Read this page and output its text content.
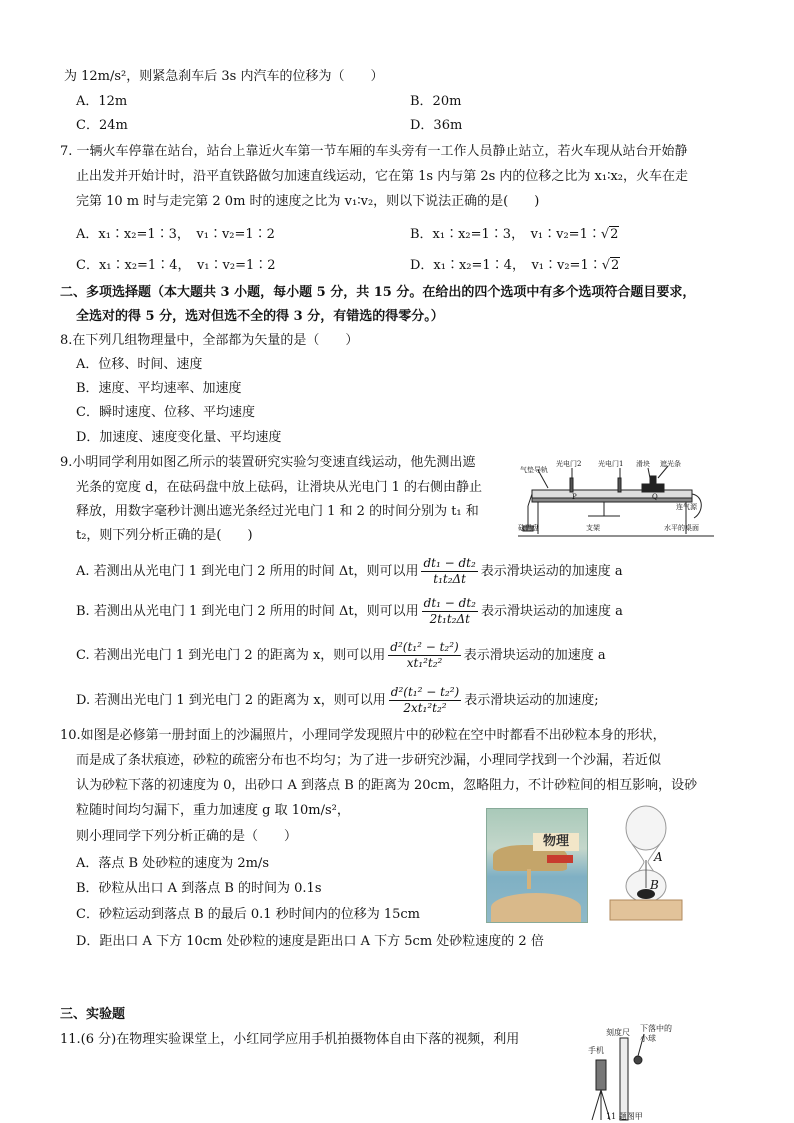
为 12m/s²，则紧急刹车后 3s 内汽车的位移为（　　）
A．12m	B．20m
C．24m	D．36m
7. 一辆火车停靠在站台，站台上靠近火车第一节车厢的车头旁有一工作人员静止站立，若火车现从站台开始静
止出发并开始计时，沿平直铁路做匀加速直线运动，它在第 1s 内与第 2s 内的位移之比为 x₁∶x₂，火车在走
完第 10 m 时与走完第 2 0m 时的速度之比为 v₁∶v₂，则以下说法正确的是(　　)
A．x₁∶x₂=1∶3，　v₁∶v₂=1∶2	B．x₁∶x₂=1∶3，　v₁∶v₂=1∶√2
C．x₁∶x₂=1∶4，　v₁∶v₂=1∶2	D．x₁∶x₂=1∶4，　v₁∶v₂=1∶√2
二、多项选择题（本大题共 3 小题，每小题 5 分，共 15 分。在给出的四个选项中有多个选项符合题目要求，
全选对的得 5 分，选对但选不全的得 3 分，有错选的得零分。）
8.在下列几组物理量中，全部都为矢量的是（　　）
A．位移、时间、速度
B．速度、平均速率、加速度
C．瞬时速度、位移、平均速度
D．加速度、速度变化量、平均速度
9.小明同学利用如图乙所示的装置研究实验匀变速直线运动，他先测出遮
光条的宽度 d，在砝码盘中放上砝码，让滑块从光电门 1 的右侧由静止
释放，用数字毫秒计测出遮光条经过光电门 1 和 2 的时间分别为 t₁ 和
t₂，则下列分析正确的是(　　)
气垫导轨
光电门2 光电门1 滑块 遮光条
P	Q
连气源
砝码盘	支架	水平的桌面
A. 若测出从光电门 1 到光电门 2 所用的时间 Δt，则可以用 $\frac{\text{dt₁ − dt₂}}{\text{t₁t₂Δt}}$ 表示滑块运动的加速度 a
B. 若测出从光电门 1 到光电门 2 所用的时间 Δt，则可以用 $\frac{\text{dt₁ − dt₂}}{\text{2t₁t₂Δt}}$ 表示滑块运动的加速度 a
C. 若测出光电门 1 到光电门 2 的距离为 x，则可以用 $\frac{\text{d²(t₁² − t₂²)}}{\text{xt₁²t₂²}}$ 表示滑块运动的加速度 a
D. 若测出光电门 1 到光电门 2 的距离为 x，则可以用 $\frac{\text{d²(t₁² − t₂²)}}{\text{2xt₁²t₂²}}$ 表示滑块运动的加速度;
10.如图是必修第一册封面上的沙漏照片，小理同学发现照片中的砂粒在空中时都看不出砂粒本身的形状，
而是成了条状痕迹，砂粒的疏密分布也不均匀；为了进一步研究沙漏，小理同学找到一个沙漏，若近似
认为砂粒下落的初速度为 0，出砂口 A 到落点 B 的距离为 20cm，忽略阻力，不计砂粒间的相互影响，设砂
粒随时间均匀漏下，重力加速度 g 取 10m/s²，
则小理同学下列分析正确的是（　　）
A．落点 B 处砂粒的速度为 2m/s
B．砂粒从出口 A 到落点 B 的时间为 0.1s
C．砂粒运动到落点 B 的最后 0.1 秒时间内的位移为 15cm
D．距出口 A 下方 10cm 处砂粒的速度是距出口 A 下方 5cm 处砂粒速度的 2 倍
物理
A
B
三、实验题
11.(6 分)在物理实验课堂上，小红同学应用手机拍摄物体自由下落的视频，利用	刻度尺 下落中的
小球
手机
11 题图甲
